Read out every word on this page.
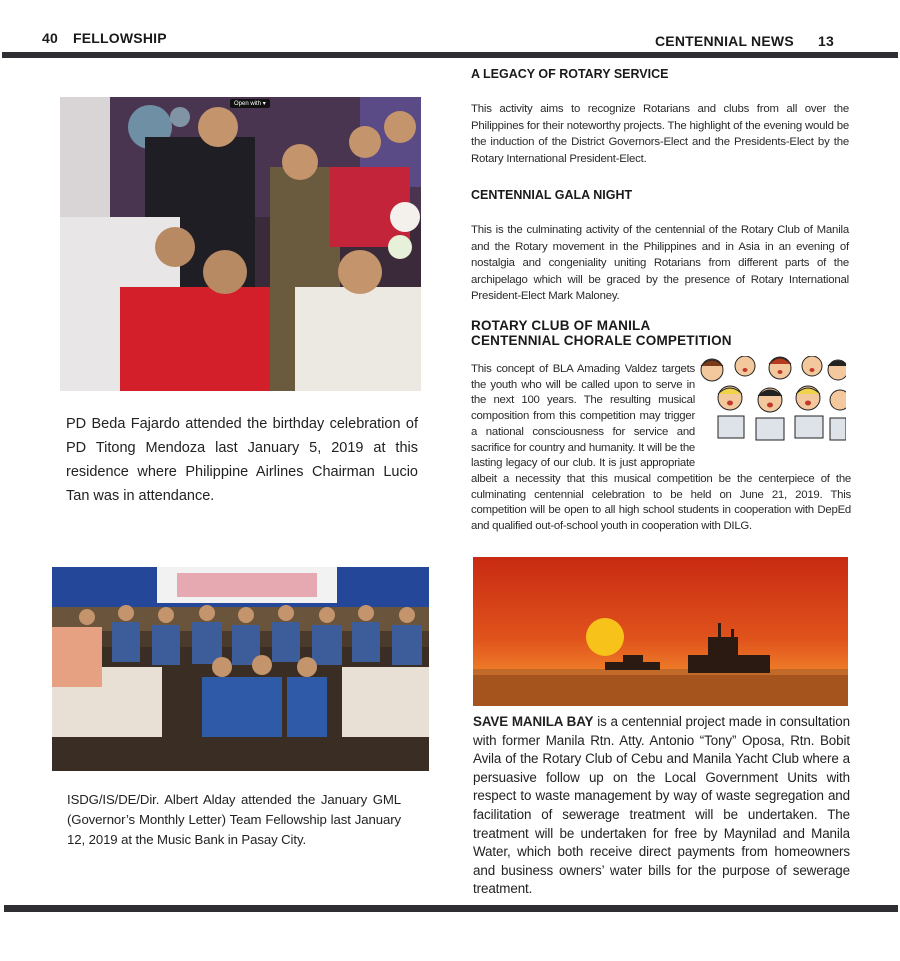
40 FELLOWSHIP	CENTENNIAL NEWS 13
Open with ▾
PD Beda Fajardo attended the birthday celebration of PD Titong Mendoza last January 5, 2019 at this residence where Philippine Airlines Chairman Lucio Tan was in attendance.
ISDG/IS/DE/Dir. Albert Alday attended the January GML (Governor’s Monthly Letter) Team Fellowship last January 12, 2019 at the Music Bank in Pasay City.
A LEGACY OF ROTARY SERVICE
This activity aims to recognize Rotarians and clubs from all over the Philippines for their noteworthy projects. The highlight of the evening would be the induction of the District Governors-Elect and the Presidents-Elect by the Rotary International President-Elect.
CENTENNIAL GALA NIGHT
This is the culminating activity of the centennial of the Rotary Club of Manila and the Rotary movement in the Philippines and in Asia in an evening of nostalgia and congeniality uniting Rotarians from different parts of the archipelago which will be graced by the presence of Rotary International President-Elect Mark Maloney.
ROTARY CLUB OF MANILA
CENTENNIAL CHORALE COMPETITION
This concept of BLA Amading Valdez targets the youth who will be called upon to serve in the next 100 years. The resulting musical composition from this competition may trigger a national consciousness for service and sacrifice for country and humanity. It will be the lasting legacy of our club. It is just appropriate albeit a necessity that this musical competition be the centerpiece of the culminating centennial celebration to be held on June 21, 2019. This competition will be open to all high school students in cooperation with DepEd and qualified out-of-school youth in cooperation with DILG.
SAVE MANILA BAY is a centennial project made in consultation with former Manila Rtn. Atty. Antonio “Tony” Oposa, Rtn. Bobit Avila of the Rotary Club of Cebu and Manila Yacht Club where a persuasive follow up on the Local Government Units with respect to waste management by way of waste segregation and facilitation of sewerage treatment will be undertaken. The treatment will be undertaken for free by Maynilad and Manila Water, which both receive direct payments from homeowners and business owners’ water bills for the purpose of sewerage treatment.
